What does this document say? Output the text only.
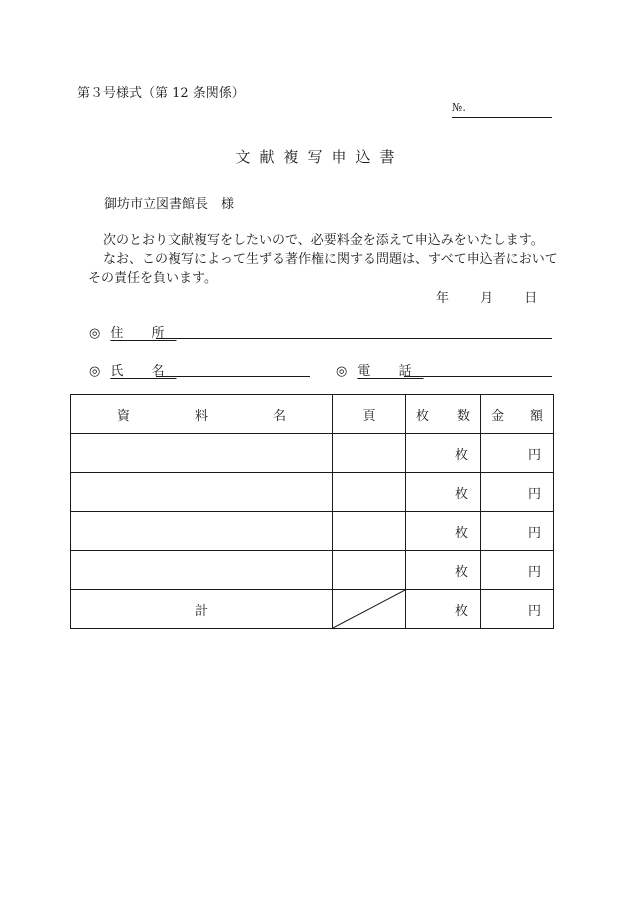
第３号様式（第 12 条関係）
№.
文献複写申込書
御坊市立図書館長　様
次のとおり文献複写をしたいので、必要料金を添えて申込みをいたします。
なお、この複写によって生ずる著作権に関する問題は、すべて申込者において
その責任を負います。
年 月 日
◎ 住 所
◎ 氏 名	◎ 電 話
資 料 名	頁	枚 数	金 額

		枚	円
		枚	円
		枚	円
		枚	円
計		枚	円
